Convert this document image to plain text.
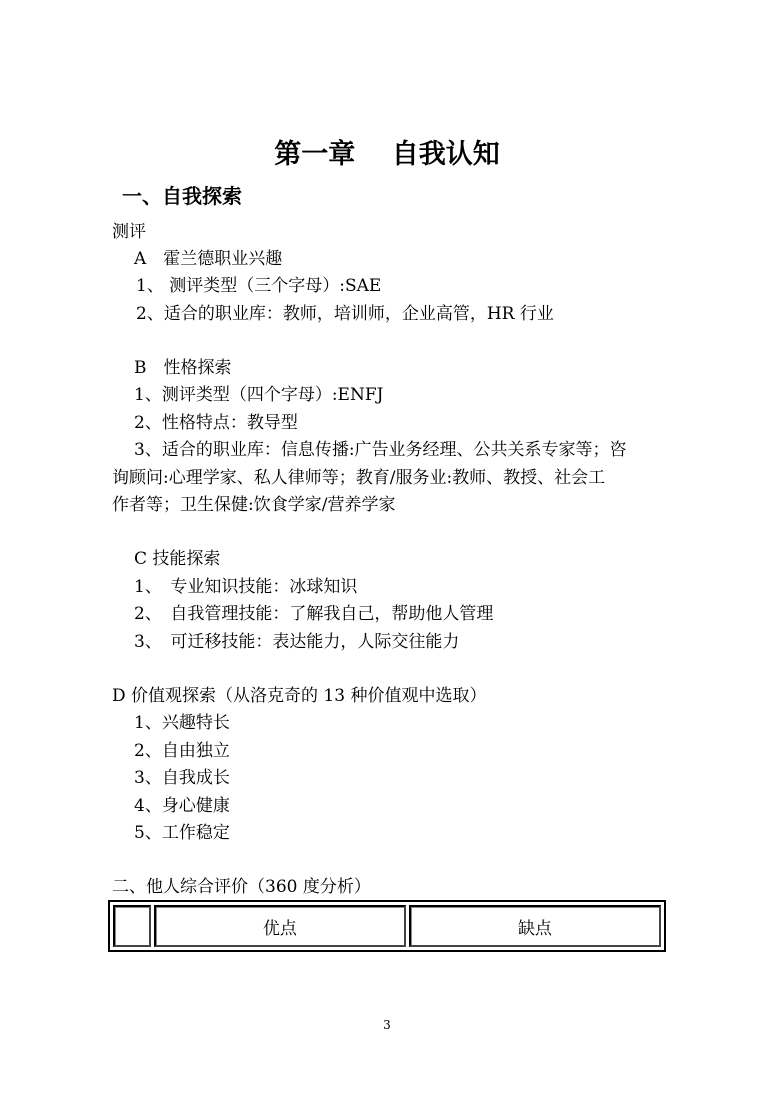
第一章　 自我认知
一、自我探索
测评
A　霍兰德职业兴趣
1、 测评类型（三个字母）:SAE
2、适合的职业库：教师，培训师，企业高管，HR 行业
B　性格探索
1、测评类型（四个字母）:ENFJ
2、性格特点：教导型
3、适合的职业库：信息传播:广告业务经理、公共关系专家等；咨
询顾问:心理学家、私人律师等；教育/服务业:教师、教授、社会工
作者等；卫生保健:饮食学家/营养学家
C 技能探索
1、　专业知识技能：冰球知识
2、　自我管理技能：了解我自己，帮助他人管理
3、　可迁移技能：表达能力，人际交往能力
D 价值观探索（从洛克奇的 13 种价值观中选取）
1、兴趣特长
2、自由独立
3、自我成长
4、身心健康
5、工作稳定
二、他人综合评价（360 度分析）
	优点	缺点
3
